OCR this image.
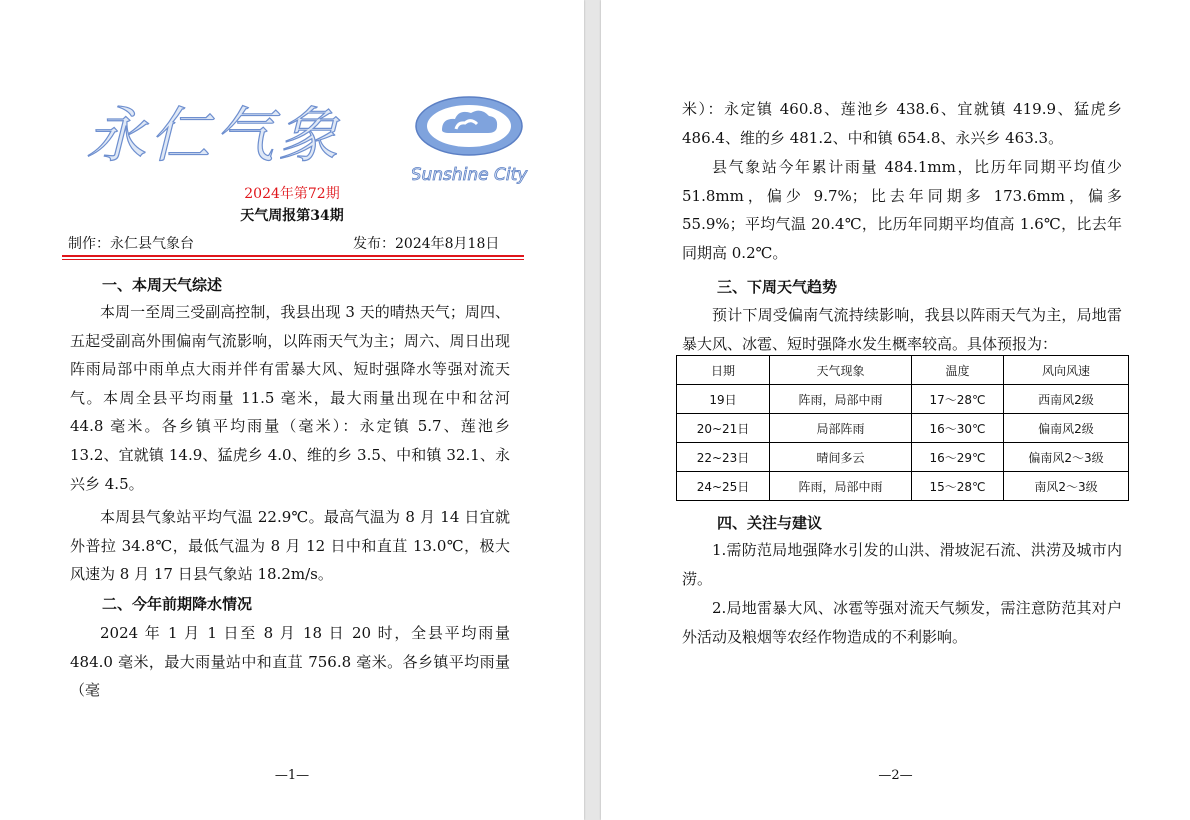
永仁气象
Sunshine City
2024年第72期
天气周报第34期
制作：永仁县气象台	发布：2024年8月18日
一、本周天气综述

本周一至周三受副高控制，我县出现 3 天的晴热天气；周四、五起受副高外围偏南气流影响，以阵雨天气为主；周六、周日出现阵雨局部中雨单点大雨并伴有雷暴大风、短时强降水等强对流天气。本周全县平均雨量 11.5 毫米，最大雨量出现在中和岔河 44.8 毫米。各乡镇平均雨量（毫米）：永定镇 5.7、莲池乡 13.2、宜就镇 14.9、猛虎乡 4.0、维的乡 3.5、中和镇 32.1、永兴乡 4.5。

本周县气象站平均气温 22.9℃。最高气温为 8 月 14 日宜就外普拉 34.8℃，最低气温为 8 月 12 日中和直苴 13.0℃，极大风速为 8 月 17 日县气象站 18.2m/s。

二、今年前期降水情况

2024 年 1 月 1 日至 8 月 18 日 20 时，全县平均雨量 484.0 毫米，最大雨量站中和直苴 756.8 毫米。各乡镇平均雨量（毫

—1—	—2—

米）：永定镇 460.8、莲池乡 438.6、宜就镇 419.9、猛虎乡 486.4、维的乡 481.2、中和镇 654.8、永兴乡 463.3。

县气象站今年累计雨量 484.1mm，比历年同期平均值少 51.8mm，偏少 9.7%；比去年同期多 173.6mm，偏多 55.9%；平均气温 20.4℃，比历年同期平均值高 1.6℃，比去年同期高 0.2℃。

三、下周天气趋势

预计下周受偏南气流持续影响，我县以阵雨天气为主，局地雷暴大风、冰雹、短时强降水发生概率较高。具体预报为：

日期	天气现象	温度	风向风速
19日	阵雨，局部中雨	17～28℃	西南风2级
20~21日	局部阵雨	16～30℃	偏南风2级
22~23日	晴间多云	16～29℃	偏南风2～3级
24~25日	阵雨，局部中雨	15～28℃	南风2～3级
四、关注与建议

1.需防范局地强降水引发的山洪、滑坡泥石流、洪涝及城市内涝。

2.局地雷暴大风、冰雹等强对流天气频发，需注意防范其对户外活动及粮烟等农经作物造成的不利影响。
